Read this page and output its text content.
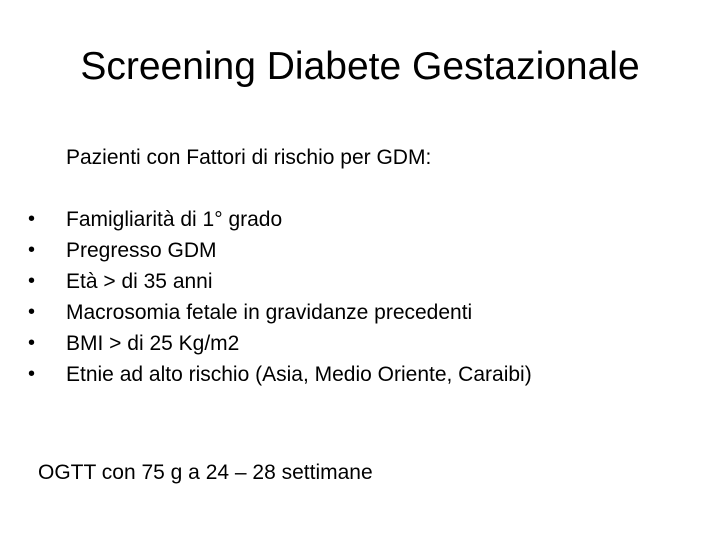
Screening Diabete Gestazionale

Pazienti con Fattori di rischio per GDM:

• Famigliarità di 1° grado
• Pregresso GDM
• Età > di 35 anni
• Macrosomia fetale in gravidanze precedenti
• BMI > di 25 Kg/m2
• Etnie ad alto rischio (Asia, Medio Oriente, Caraibi)

OGTT con 75 g a 24 – 28 settimane
